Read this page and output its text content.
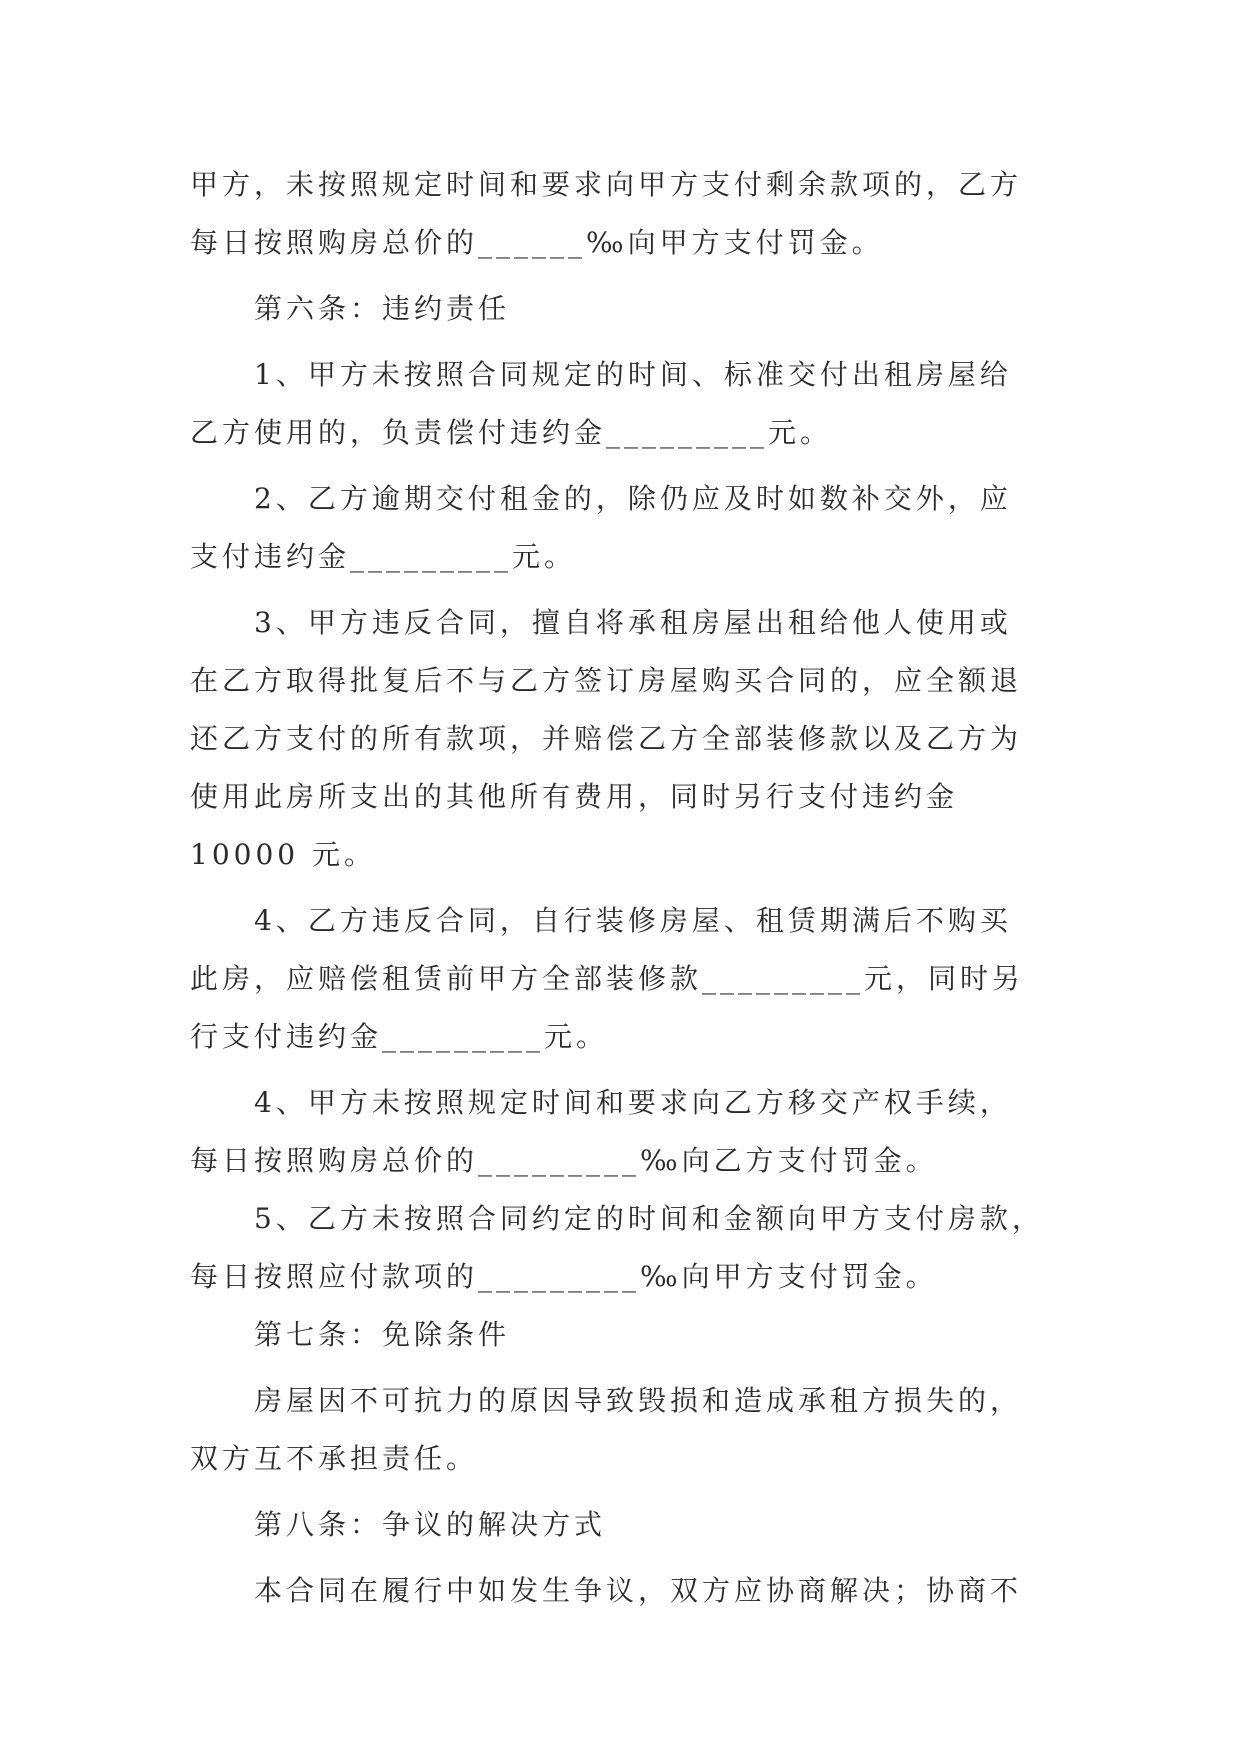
甲方，未按照规定时间和要求向甲方支付剩余款项的，乙方
每日按照购房总价的______‰向甲方支付罚金。
第六条：违约责任
1、甲方未按照合同规定的时间、标准交付出租房屋给
乙方使用的，负责偿付违约金_________元。
2、乙方逾期交付租金的，除仍应及时如数补交外，应
支付违约金_________元。
3、甲方违反合同，擅自将承租房屋出租给他人使用或
在乙方取得批复后不与乙方签订房屋购买合同的，应全额退
还乙方支付的所有款项，并赔偿乙方全部装修款以及乙方为
使用此房所支出的其他所有费用，同时另行支付违约金
10000 元。
4、乙方违反合同，自行装修房屋、租赁期满后不购买
此房，应赔偿租赁前甲方全部装修款_________元，同时另
行支付违约金_________元。
4、甲方未按照规定时间和要求向乙方移交产权手续，
每日按照购房总价的_________‰向乙方支付罚金。
5、乙方未按照合同约定的时间和金额向甲方支付房款，
每日按照应付款项的_________‰向甲方支付罚金。
第七条：免除条件
房屋因不可抗力的原因导致毁损和造成承租方损失的，
双方互不承担责任。
第八条：争议的解决方式
本合同在履行中如发生争议，双方应协商解决；协商不
